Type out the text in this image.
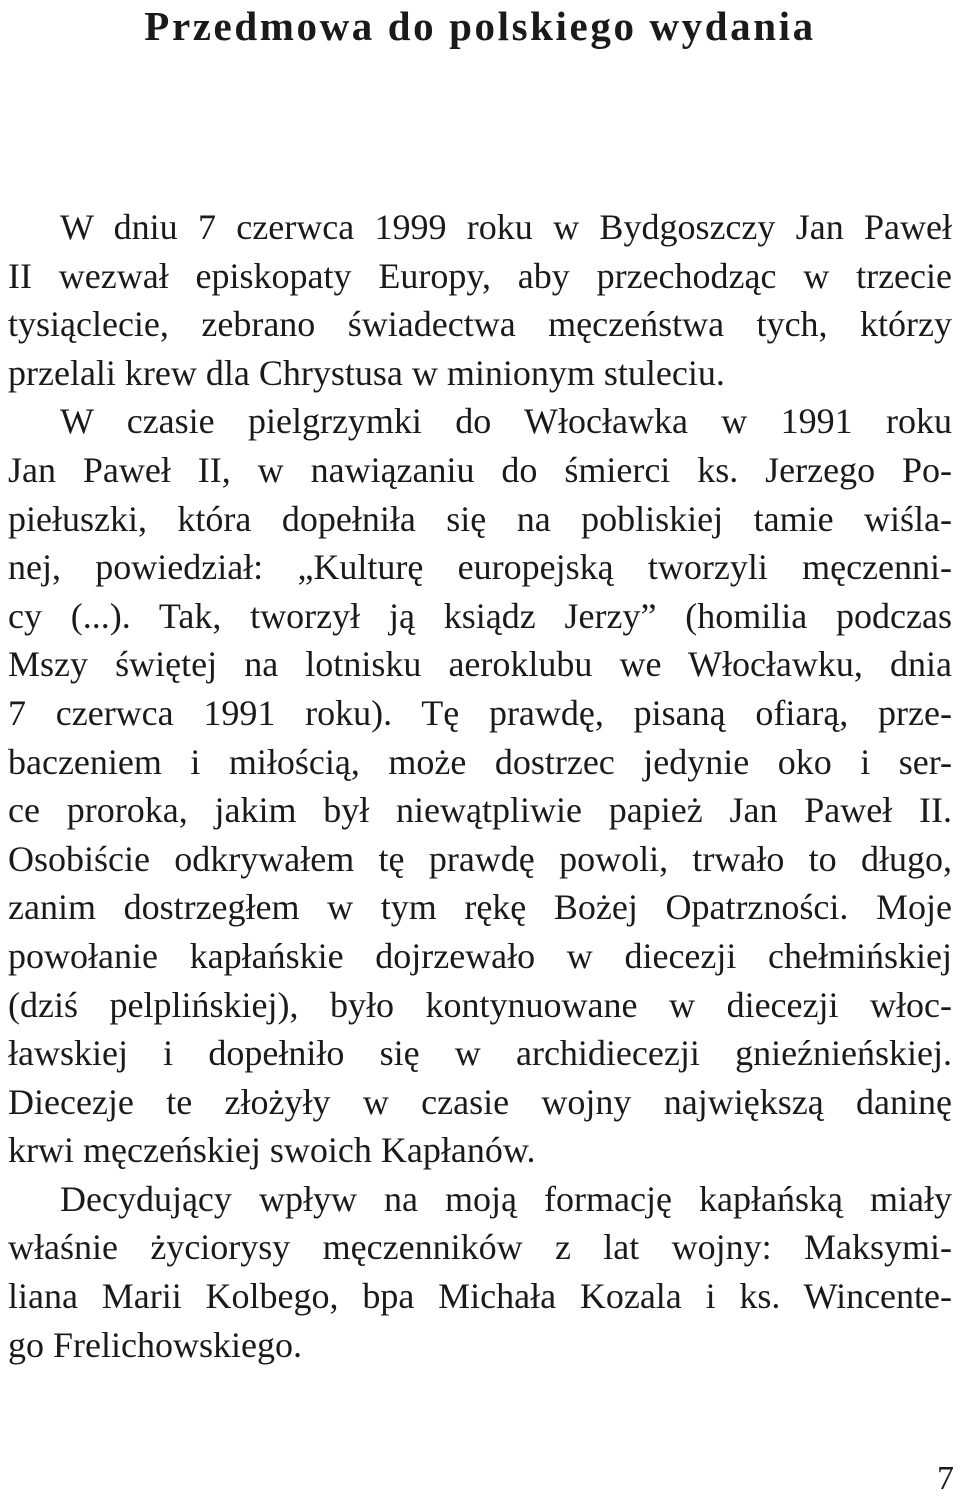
Przedmowa do polskiego wydania
W dniu 7 czerwca 1999 roku w Bydgoszczy Jan Paweł
II wezwał episkopaty Europy, aby przechodząc w trzecie
tysiąclecie, zebrano świadectwa męczeństwa tych, którzy
przelali krew dla Chrystusa w minionym stuleciu.
W czasie pielgrzymki do Włocławka w 1991 roku
Jan Paweł II, w nawiązaniu do śmierci ks. Jerzego Po-
piełuszki, która dopełniła się na pobliskiej tamie wiśla-
nej, powiedział: „Kulturę europejską tworzyli męczenni-
cy (...). Tak, tworzył ją ksiądz Jerzy” (homilia podczas
Mszy świętej na lotnisku aeroklubu we Włocławku, dnia
7 czerwca 1991 roku). Tę prawdę, pisaną ofiarą, prze-
baczeniem i miłością, może dostrzec jedynie oko i ser-
ce proroka, jakim był niewątpliwie papież Jan Paweł II.
Osobiście odkrywałem tę prawdę powoli, trwało to długo,
zanim dostrzegłem w tym rękę Bożej Opatrzności. Moje
powołanie kapłańskie dojrzewało w diecezji chełmińskiej
(dziś pelplińskiej), było kontynuowane w diecezji włoc-
ławskiej i dopełniło się w archidiecezji gnieźnieńskiej.
Diecezje te złożyły w czasie wojny największą daninę
krwi męczeńskiej swoich Kapłanów.
Decydujący wpływ na moją formację kapłańską miały
właśnie życiorysy męczenników z lat wojny: Maksymi-
liana Marii Kolbego, bpa Michała Kozala i ks. Wincente-
go Frelichowskiego.
7
